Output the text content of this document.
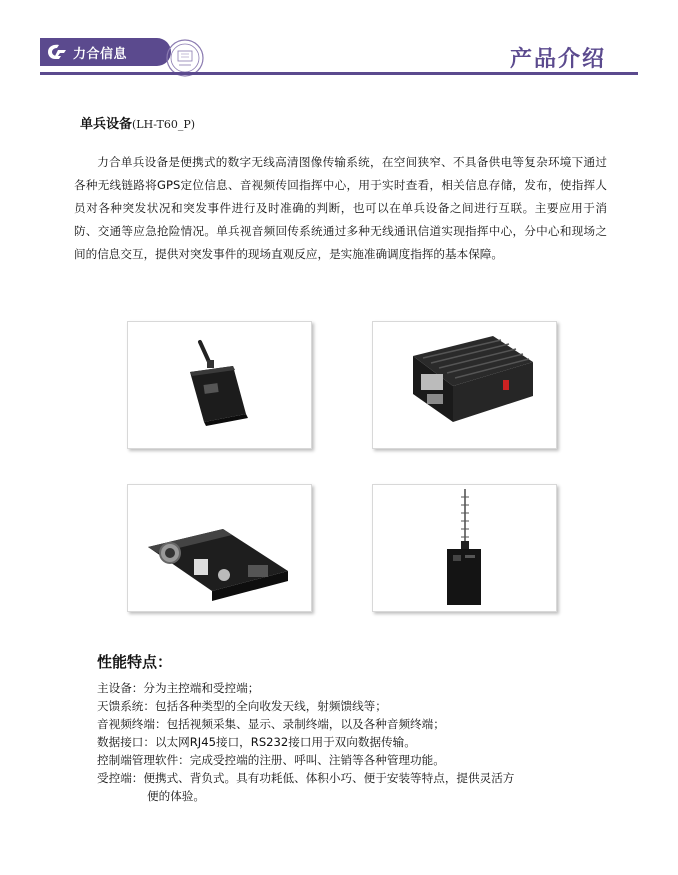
力合信息	产品介绍
单兵设备(LH-T60_P)

力合单兵设备是便携式的数字无线高清图像传输系统，在空间狭窄、不具备供电等复杂环境下通过各种无线链路将GPS定位信息、音视频传回指挥中心，用于实时查看，相关信息存储，发布，使指挥人员对各种突发状况和突发事件进行及时准确的判断，也可以在单兵设备之间进行互联。主要应用于消防、交通等应急抢险情况。单兵视音频回传系统通过多种无线通讯信道实现指挥中心，分中心和现场之间的信息交互，提供对突发事件的现场直观反应，是实施准确调度指挥的基本保障。

性能特点：
主设备：分为主控端和受控端；
天馈系统：包括各种类型的全向收发天线，射频馈线等；
音视频终端：包括视频采集、显示、录制终端，以及各种音频终端；
数据接口：以太网RJ45接口，RS232接口用于双向数据传输。
控制端管理软件：完成受控端的注册、呼叫、注销等各种管理功能。
受控端：便携式、背负式。具有功耗低、体积小巧、便于安装等特点，提供灵活方
便的体验。
